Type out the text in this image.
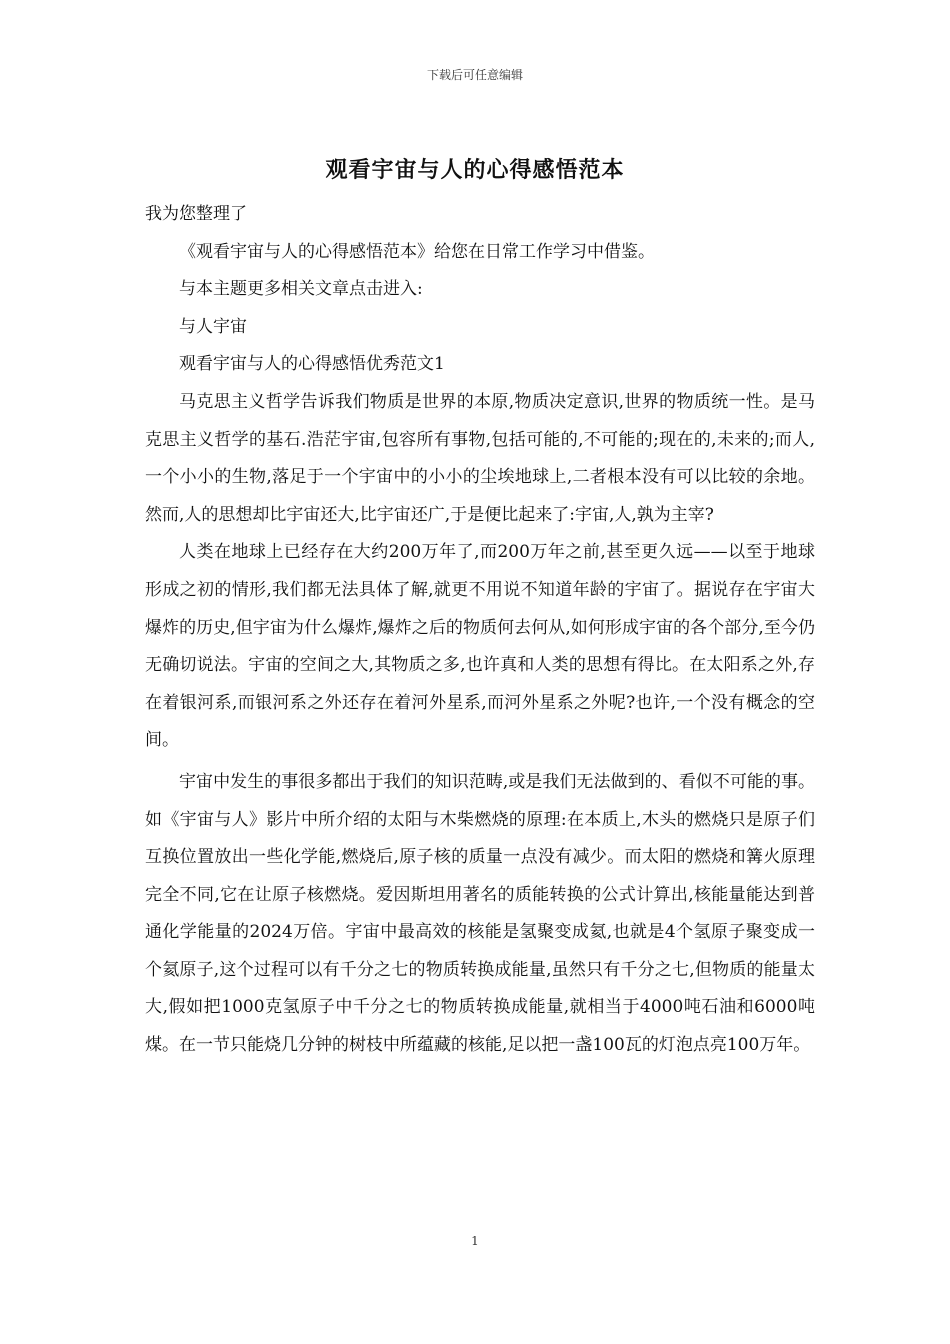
下载后可任意编辑
观看宇宙与人的心得感悟范本

我为您整理了

《观看宇宙与人的心得感悟范本》给您在日常工作学习中借鉴。

与本主题更多相关文章点击进入:

与人宇宙

观看宇宙与人的心得感悟优秀范文1

马克思主义哲学告诉我们物质是世界的本原,物质决定意识,世界的物质统一性。是马克思主义哲学的基石.浩茫宇宙,包容所有事物,包括可能的,不可能的;现在的,未来的;而人,一个小小的生物,落足于一个宇宙中的小小的尘埃地球上,二者根本没有可以比较的余地。然而,人的思想却比宇宙还大,比宇宙还广,于是便比起来了:宇宙,人,孰为主宰?

人类在地球上已经存在大约200万年了,而200万年之前,甚至更久远——以至于地球形成之初的情形,我们都无法具体了解,就更不用说不知道年龄的宇宙了。据说存在宇宙大爆炸的历史,但宇宙为什么爆炸,爆炸之后的物质何去何从,如何形成宇宙的各个部分,至今仍无确切说法。宇宙的空间之大,其物质之多,也许真和人类的思想有得比。在太阳系之外,存在着银河系,而银河系之外还存在着河外星系,而河外星系之外呢?也许,一个没有概念的空间。

宇宙中发生的事很多都出于我们的知识范畴,或是我们无法做到的、看似不可能的事。如《宇宙与人》影片中所介绍的太阳与木柴燃烧的原理:在本质上,木头的燃烧只是原子们互换位置放出一些化学能,燃烧后,原子核的质量一点没有减少。而太阳的燃烧和篝火原理完全不同,它在让原子核燃烧。爱因斯坦用著名的质能转换的公式计算出,核能量能达到普通化学能量的2024万倍。宇宙中最高效的核能是氢聚变成氦,也就是4个氢原子聚变成一个氦原子,这个过程可以有千分之七的物质转换成能量,虽然只有千分之七,但物质的能量太大,假如把1000克氢原子中千分之七的物质转换成能量,就相当于4000吨石油和6000吨煤。在一节只能烧几分钟的树枝中所蕴藏的核能,足以把一盏100瓦的灯泡点亮100万年。

1
